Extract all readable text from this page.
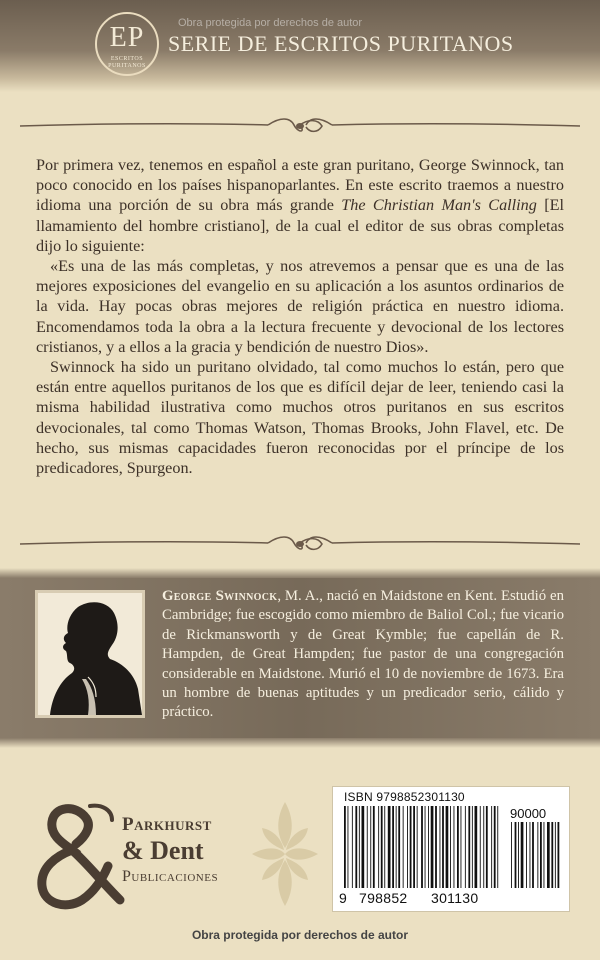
Obra protegida por derechos de autor
EP
ESCRITOS
PURITANOS
SERIE DE ESCRITOS PURITANOS

Por primera vez, tenemos en español a este gran puritano, George Swinnock, tan poco conocido en los países hispanoparlantes. En este escrito traemos a nuestro idioma una porción de su obra más grande The Christian Man's Calling [El llamamiento del hombre cristiano], de la cual el editor de sus obras completas dijo lo siguiente:

«Es una de las más completas, y nos atrevemos a pensar que es una de las mejores exposiciones del evangelio en su aplicación a los asuntos ordinarios de la vida. Hay pocas obras mejores de religión práctica en nuestro idioma. Encomendamos toda la obra a la lectura frecuente y devocional de los lectores cristianos, y a ellos a la gracia y bendición de nuestro Dios».

Swinnock ha sido un puritano olvidado, tal como muchos lo están, pero que están entre aquellos puritanos de los que es difícil dejar de leer, teniendo casi la misma habilidad ilustrativa como muchos otros puritanos en sus escritos devocionales, tal como Thomas Watson, Thomas Brooks, John Flavel, etc. De hecho, sus mismas capacidades fueron reconocidas por el príncipe de los predicadores, Spurgeon.

George Swinnock, M. A., nació en Maidstone en Kent. Estudió en Cambridge; fue escogido como miembro de Baliol Col.; fue vicario de Rickmansworth y de Great Kymble; fue capellán de R. Hampden, de Great Hampden; fue pastor de una congregación considerable en Maidstone. Murió el 10 de noviembre de 1673. Era un hombre de buenas aptitudes y un predicador serio, cálido y práctico.
Parkhurst
& Dent
Publicaciones
ISBN 9798852301130
90000
9 798852 301130
Obra protegida por derechos de autor
